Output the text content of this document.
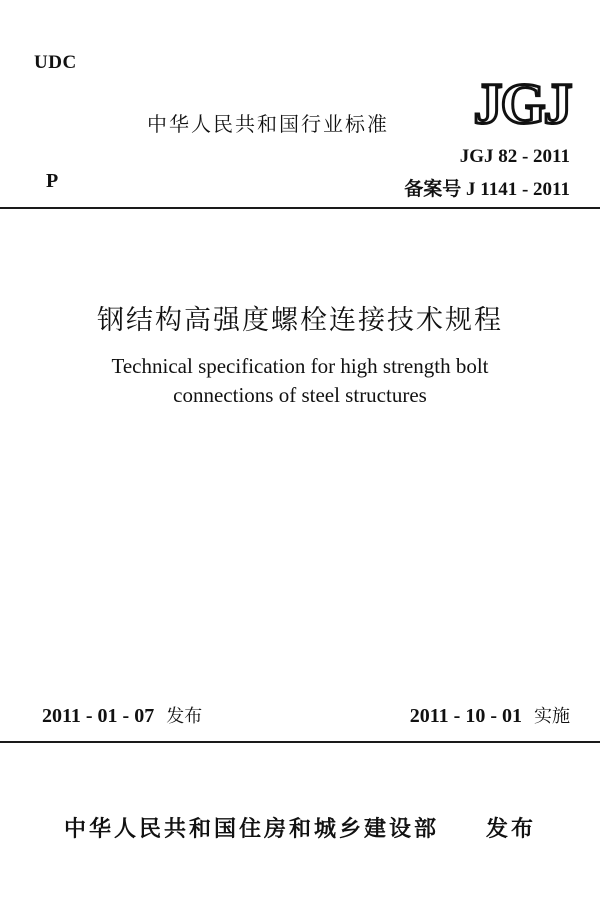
UDC
中华人民共和国行业标准 JGJ
P
JGJ 82 - 2011
备案号 J 1141 - 2011
钢结构高强度螺栓连接技术规程
Technical specification for high strength bolt
connections of steel structures
2011 - 01 - 07 发布	2011 - 10 - 01 实施
中华人民共和国住房和城乡建设部 发布
